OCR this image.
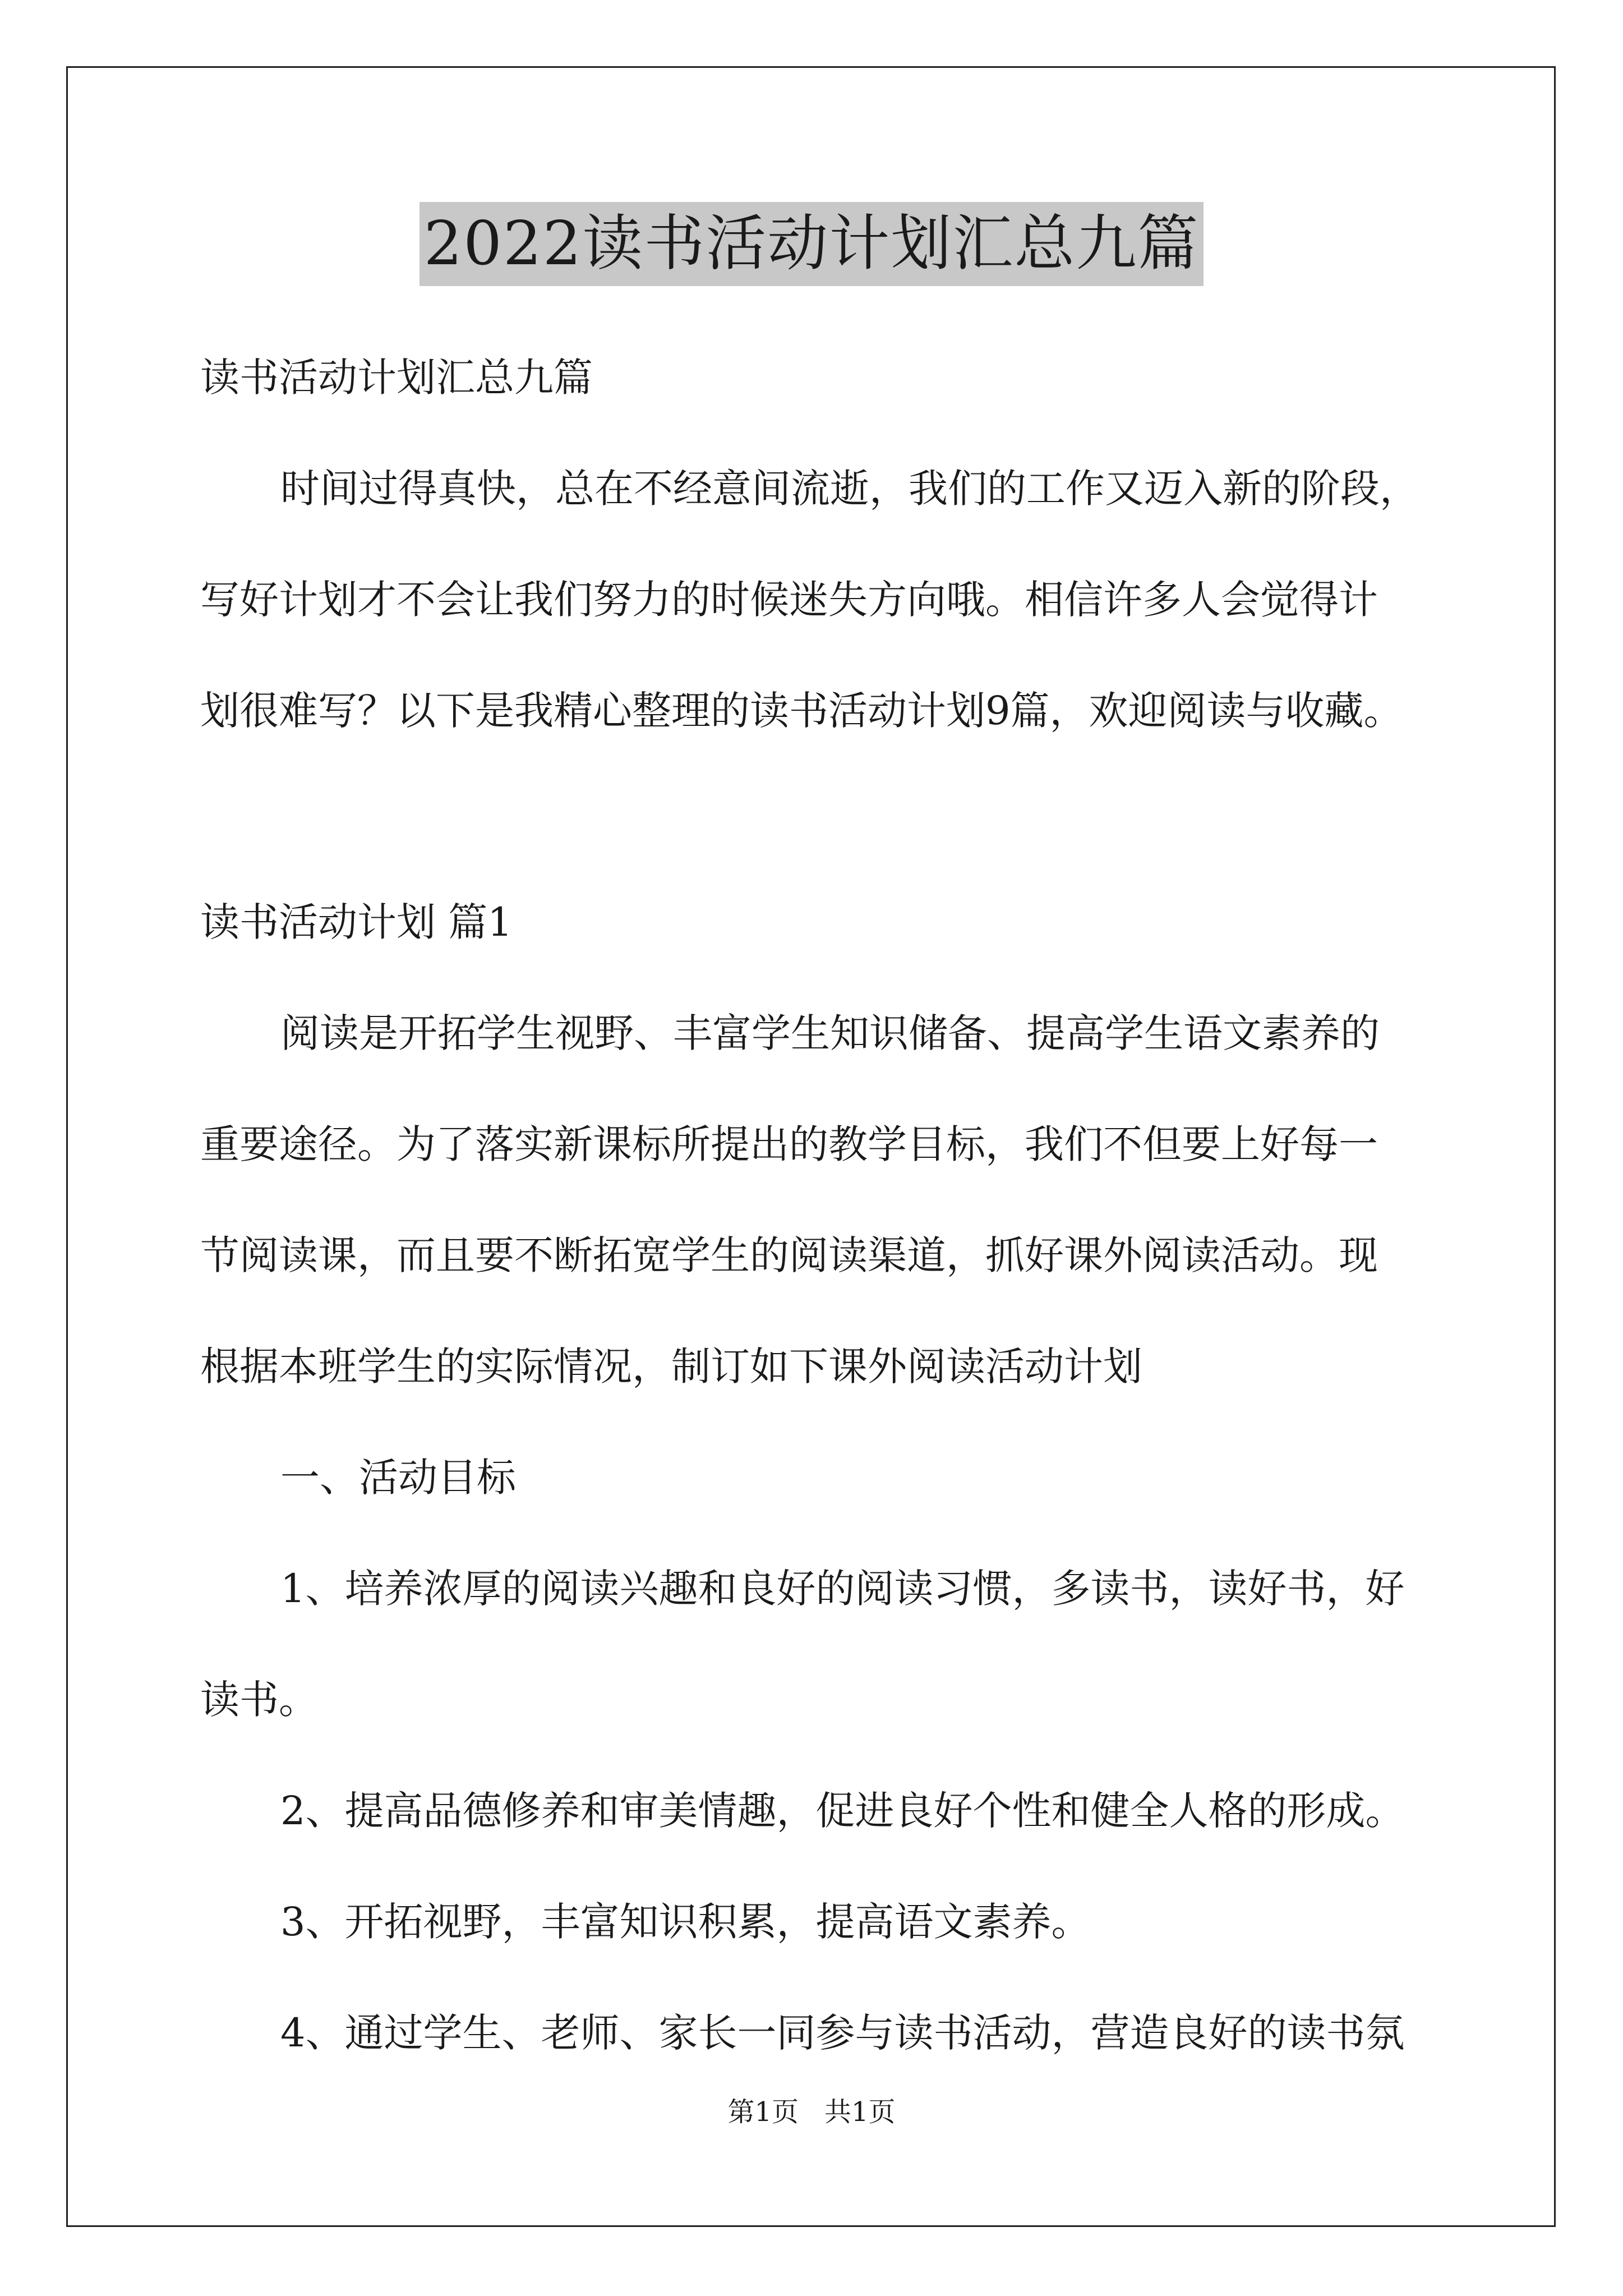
2022读书活动计划汇总九篇
读书活动计划汇总九篇
时间过得真快，总在不经意间流逝，我们的工作又迈入新的阶段，
写好计划才不会让我们努力的时候迷失方向哦。相信许多人会觉得计
划很难写？以下是我精心整理的读书活动计划9篇，欢迎阅读与收藏。
读书活动计划 篇1
阅读是开拓学生视野、丰富学生知识储备、提高学生语文素养的
重要途径。为了落实新课标所提出的教学目标，我们不但要上好每一
节阅读课，而且要不断拓宽学生的阅读渠道，抓好课外阅读活动。现
根据本班学生的实际情况，制订如下课外阅读活动计划
一、活动目标
1、培养浓厚的阅读兴趣和良好的阅读习惯，多读书，读好书，好
读书。
2、提高品德修养和审美情趣，促进良好个性和健全人格的形成。
3、开拓视野，丰富知识积累，提高语文素养。
4、通过学生、老师、家长一同参与读书活动，营造良好的读书氛
第1页 共1页
